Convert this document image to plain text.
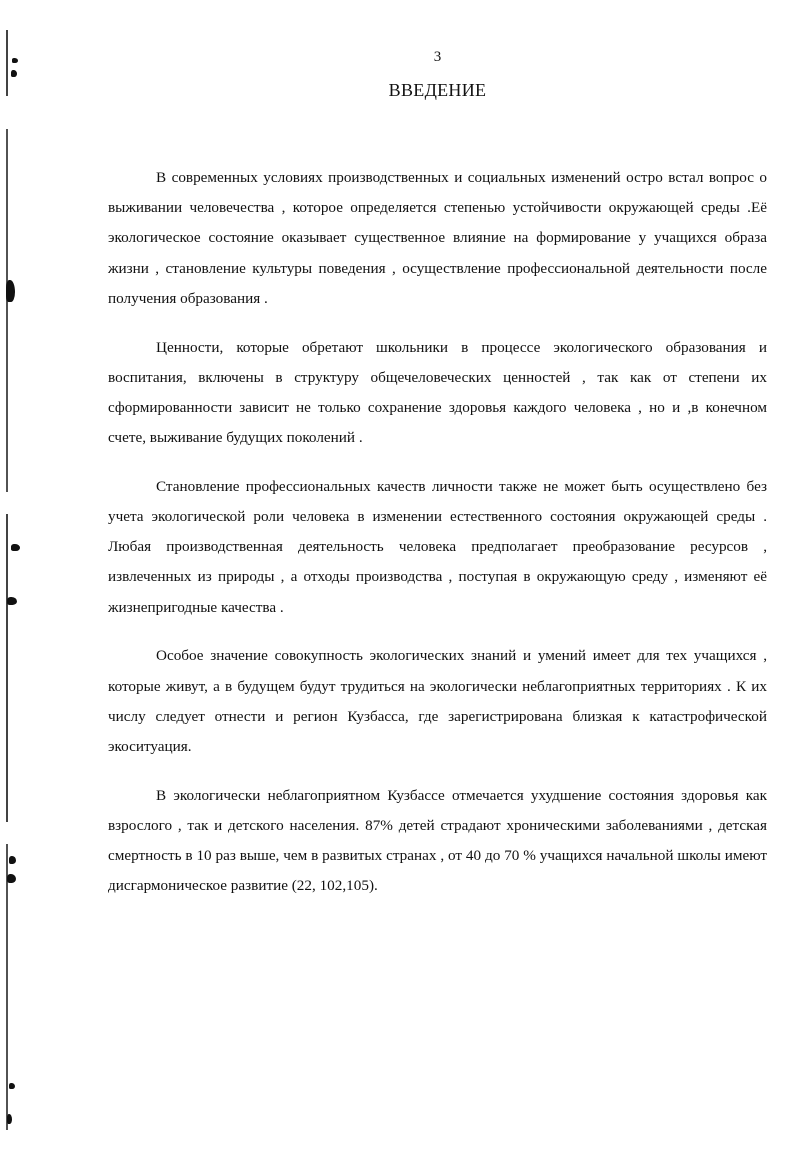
3
ВВЕДЕНИЕ

В современных условиях производственных и социальных изменений остро встал вопрос о выживании человечества , которое определяется степенью устойчивости окружающей среды .Её экологическое состояние оказывает существенное влияние на формирование у учащихся образа жизни , становление культуры поведения , осуществление профессиональной деятельности после получения образования .

Ценности, которые обретают школьники в процессе экологического образования и воспитания, включены в структуру общечеловеческих ценностей , так как от степени их сформированности зависит не только сохранение здоровья каждого человека , но и ,в конечном счете, выживание будущих поколений .

Становление профессиональных качеств личности также не может быть осуществлено без учета экологической роли человека в изменении естественного состояния окружающей среды . Любая производственная деятельность человека предполагает преобразование ресурсов , извлеченных из природы , а отходы производства , поступая в окружающую среду , изменяют её жизнепригодные качества .

Особое значение совокупность экологических знаний и умений имеет для тех учащихся , которые живут, а в будущем будут трудиться на экологически неблагоприятных территориях . К их числу следует отнести и регион Кузбасса, где зарегистрирована близкая к катастрофической экоситуация.

В экологически неблагоприятном Кузбассе отмечается ухудшение состояния здоровья как взрослого , так и детского населения. 87% детей страдают хроническими заболеваниями , детская смертность в 10 раз выше, чем в развитых странах , от 40 до 70 % учащихся начальной школы имеют дисгармоническое развитие (22, 102,105).
